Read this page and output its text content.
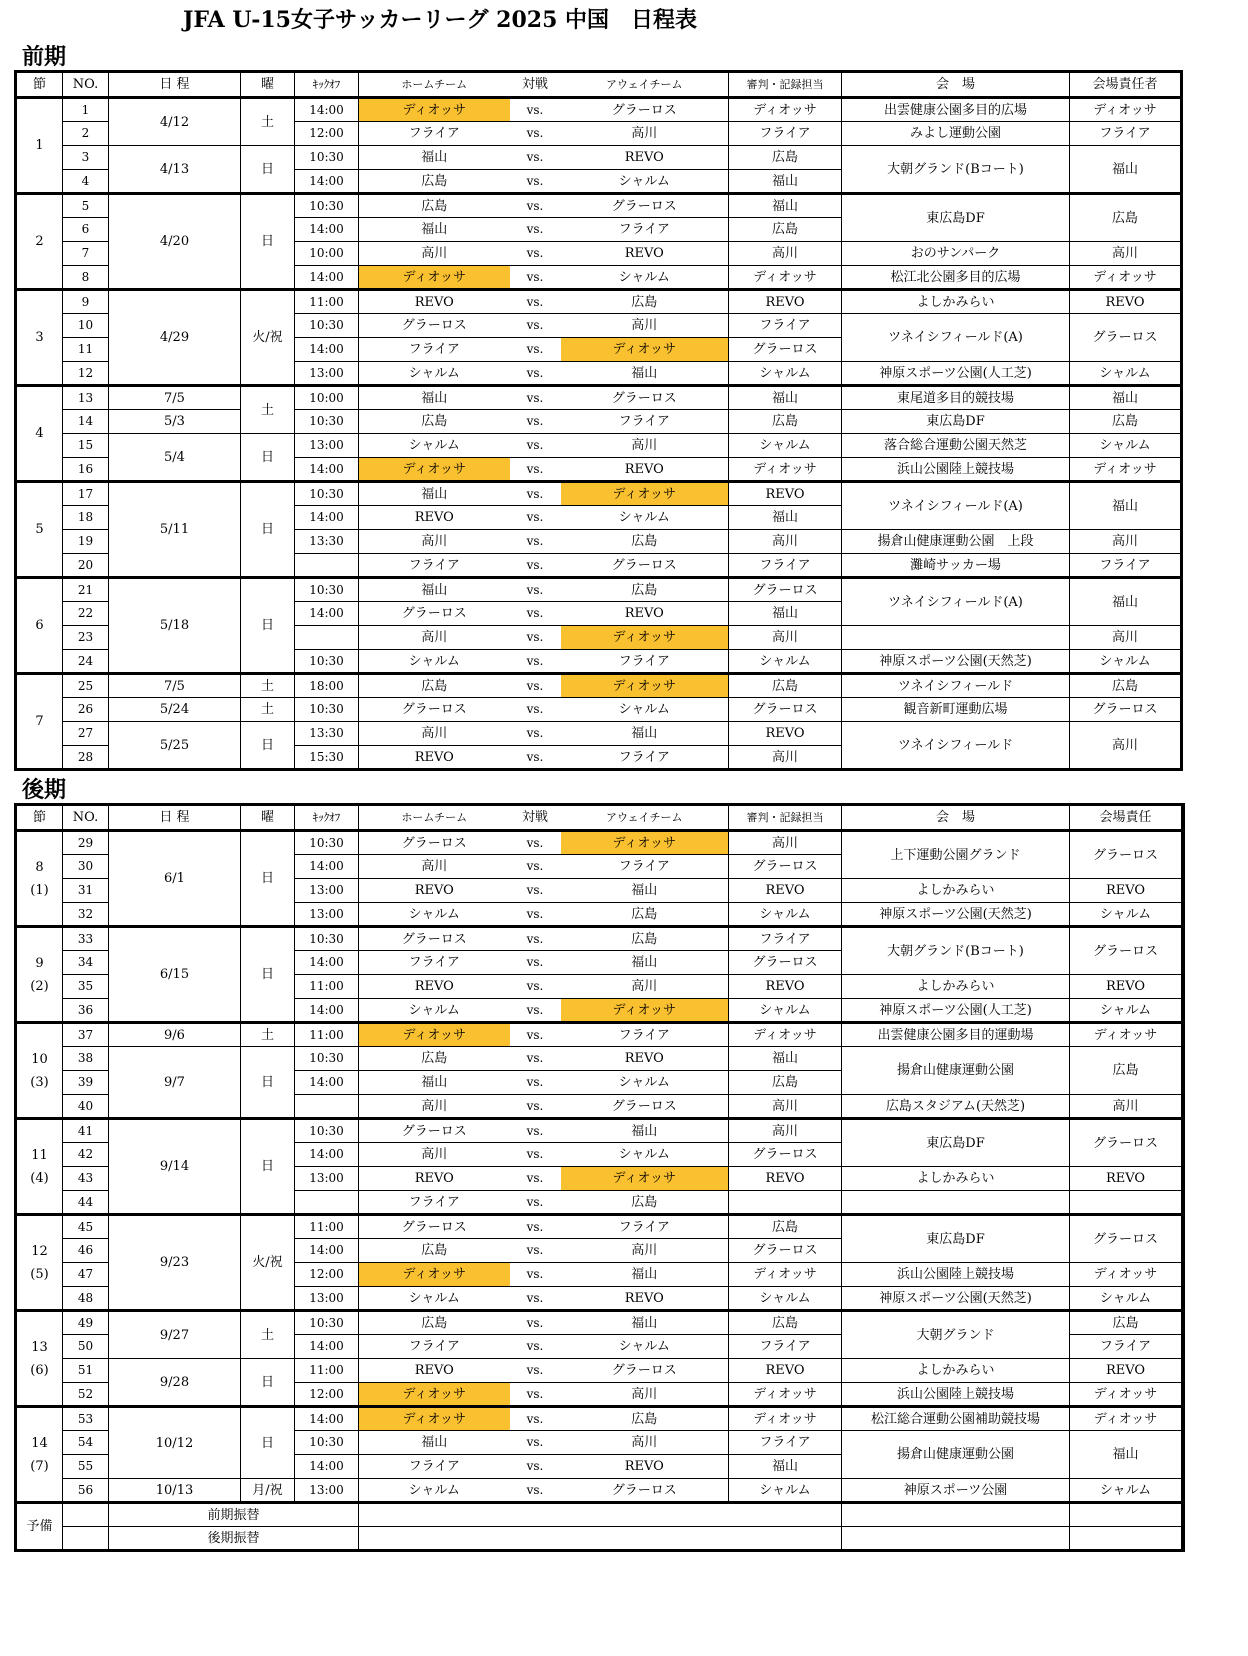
JFA U-15女子サッカーリーグ 2025 中国　日程表
前期
節	NO.	日 程	曜	ｷｯｸｵﾌ	ホームチーム	対戦	アウェイチーム	審判・記録担当	会　場	会場責任者

1	1	4/12	土	14:00	ディオッサ	vs.	グラーロス	ディオッサ	出雲健康公園多目的広場	ディオッサ
	2			12:00	フライア	vs.	高川	フライア	みよし運動公園	フライア
	3	4/13	日	10:30	福山	vs.	REVO	広島	大朝グランド(Bコート)	福山
	4			14:00	広島	vs.	シャルム	福山		

2	5	4/20	日	10:30	広島	vs.	グラーロス	福山	東広島DF	広島
	6			14:00	福山	vs.	フライア	広島		
	7			10:00	高川	vs.	REVO	高川	おのサンパーク	高川
	8			14:00	ディオッサ	vs.	シャルム	ディオッサ	松江北公園多目的広場	ディオッサ

3	9	4/29	火/祝	11:00	REVO	vs.	広島	REVO	よしかみらい	REVO
	10			10:30	グラーロス	vs.	高川	フライア	ツネイシフィールド(A)	グラーロス
	11			14:00	フライア	vs.	ディオッサ	グラーロス		
	12			13:00	シャルム	vs.	福山	シャルム	神原スポーツ公園(人工芝)	シャルム

4	13	7/5	土	10:00	福山	vs.	グラーロス	福山	東尾道多目的競技場	福山
	14	5/3		10:30	広島	vs.	フライア	広島	東広島DF	広島
	15	5/4	日	13:00	シャルム	vs.	高川	シャルム	落合総合運動公園天然芝	シャルム
	16			14:00	ディオッサ	vs.	REVO	ディオッサ	浜山公園陸上競技場	ディオッサ

5	17	5/11	日	10:30	福山	vs.	ディオッサ	REVO	ツネイシフィールド(A)	福山
	18			14:00	REVO	vs.	シャルム	福山		
	19			13:30	高川	vs.	広島	高川	揚倉山健康運動公園　上段	高川
	20				フライア	vs.	グラーロス	フライア	灘崎サッカー場	フライア

6	21	5/18	日	10:30	福山	vs.	広島	グラーロス	ツネイシフィールド(A)	福山
	22			14:00	グラーロス	vs.	REVO	福山		
	23				高川	vs.	ディオッサ	高川		高川
	24			10:30	シャルム	vs.	フライア	シャルム	神原スポーツ公園(天然芝)	シャルム

7	25	7/5	土	18:00	広島	vs.	ディオッサ	広島	ツネイシフィールド	広島
	26	5/24	土	10:30	グラーロス	vs.	シャルム	グラーロス	観音新町運動広場	グラーロス
	27	5/25	日	13:30	高川	vs.	福山	REVO	ツネイシフィールド	高川
	28			15:30	REVO	vs.	フライア	高川		
後期
節	NO.	日 程	曜	ｷｯｸｵﾌ	ホームチーム	対戦	アウェイチーム	審判・記録担当	会　場	会場責任	

8
(1)	29	6/1	日	10:30	グラーロス	vs.	ディオッサ	高川	上下運動公園グランド	グラーロス	
	30			14:00	高川	vs.	フライア	グラーロス			
	31			13:00	REVO	vs.	福山	REVO	よしかみらい	REVO	
	32			13:00	シャルム	vs.	広島	シャルム	神原スポーツ公園(天然芝)	シャルム	

9
(2)	33	6/15	日	10:30	グラーロス	vs.	広島	フライア	大朝グランド(Bコート)	グラーロス	
	34			14:00	フライア	vs.	福山	グラーロス			
	35			11:00	REVO	vs.	高川	REVO	よしかみらい	REVO	
	36			14:00	シャルム	vs.	ディオッサ	シャルム	神原スポーツ公園(人工芝)	シャルム	

10
(3)	37	9/6	土	11:00	ディオッサ	vs.	フライア	ディオッサ	出雲健康公園多目的運動場	ディオッサ	
	38	9/7	日	10:30	広島	vs.	REVO	福山	揚倉山健康運動公園	広島	
	39			14:00	福山	vs.	シャルム	広島			
	40				高川	vs.	グラーロス	高川	広島スタジアム(天然芝)	高川	

11
(4)	41	9/14	日	10:30	グラーロス	vs.	福山	高川	東広島DF	グラーロス	
	42			14:00	高川	vs.	シャルム	グラーロス			
	43			13:00	REVO	vs.	ディオッサ	REVO	よしかみらい	REVO	
	44				フライア	vs.	広島				

12
(5)	45	9/23	火/祝	11:00	グラーロス	vs.	フライア	広島	東広島DF	グラーロス	
	46			14:00	広島	vs.	高川	グラーロス			
	47			12:00	ディオッサ	vs.	福山	ディオッサ	浜山公園陸上競技場	ディオッサ	
	48			13:00	シャルム	vs.	REVO	シャルム	神原スポーツ公園(天然芝)	シャルム	

13
(6)	49	9/27	土	10:30	広島	vs.	福山	広島	大朝グランド	広島	
	50			14:00	フライア	vs.	シャルム	フライア		フライア	
	51	9/28	日	11:00	REVO	vs.	グラーロス	REVO	よしかみらい	REVO	
	52			12:00	ディオッサ	vs.	高川	ディオッサ	浜山公園陸上競技場	ディオッサ	

14
(7)	53	10/12	日	14:00	ディオッサ	vs.	広島	ディオッサ	松江総合運動公園補助競技場	ディオッサ	
	54			10:30	福山	vs.	高川	フライア	揚倉山健康運動公園	福山	
	55			14:00	フライア	vs.	REVO	福山			
	56	10/13	月/祝	13:00	シャルム	vs.	グラーロス	シャルム	神原スポーツ公園	シャルム	
予備		前期振替									
		後期振替									
